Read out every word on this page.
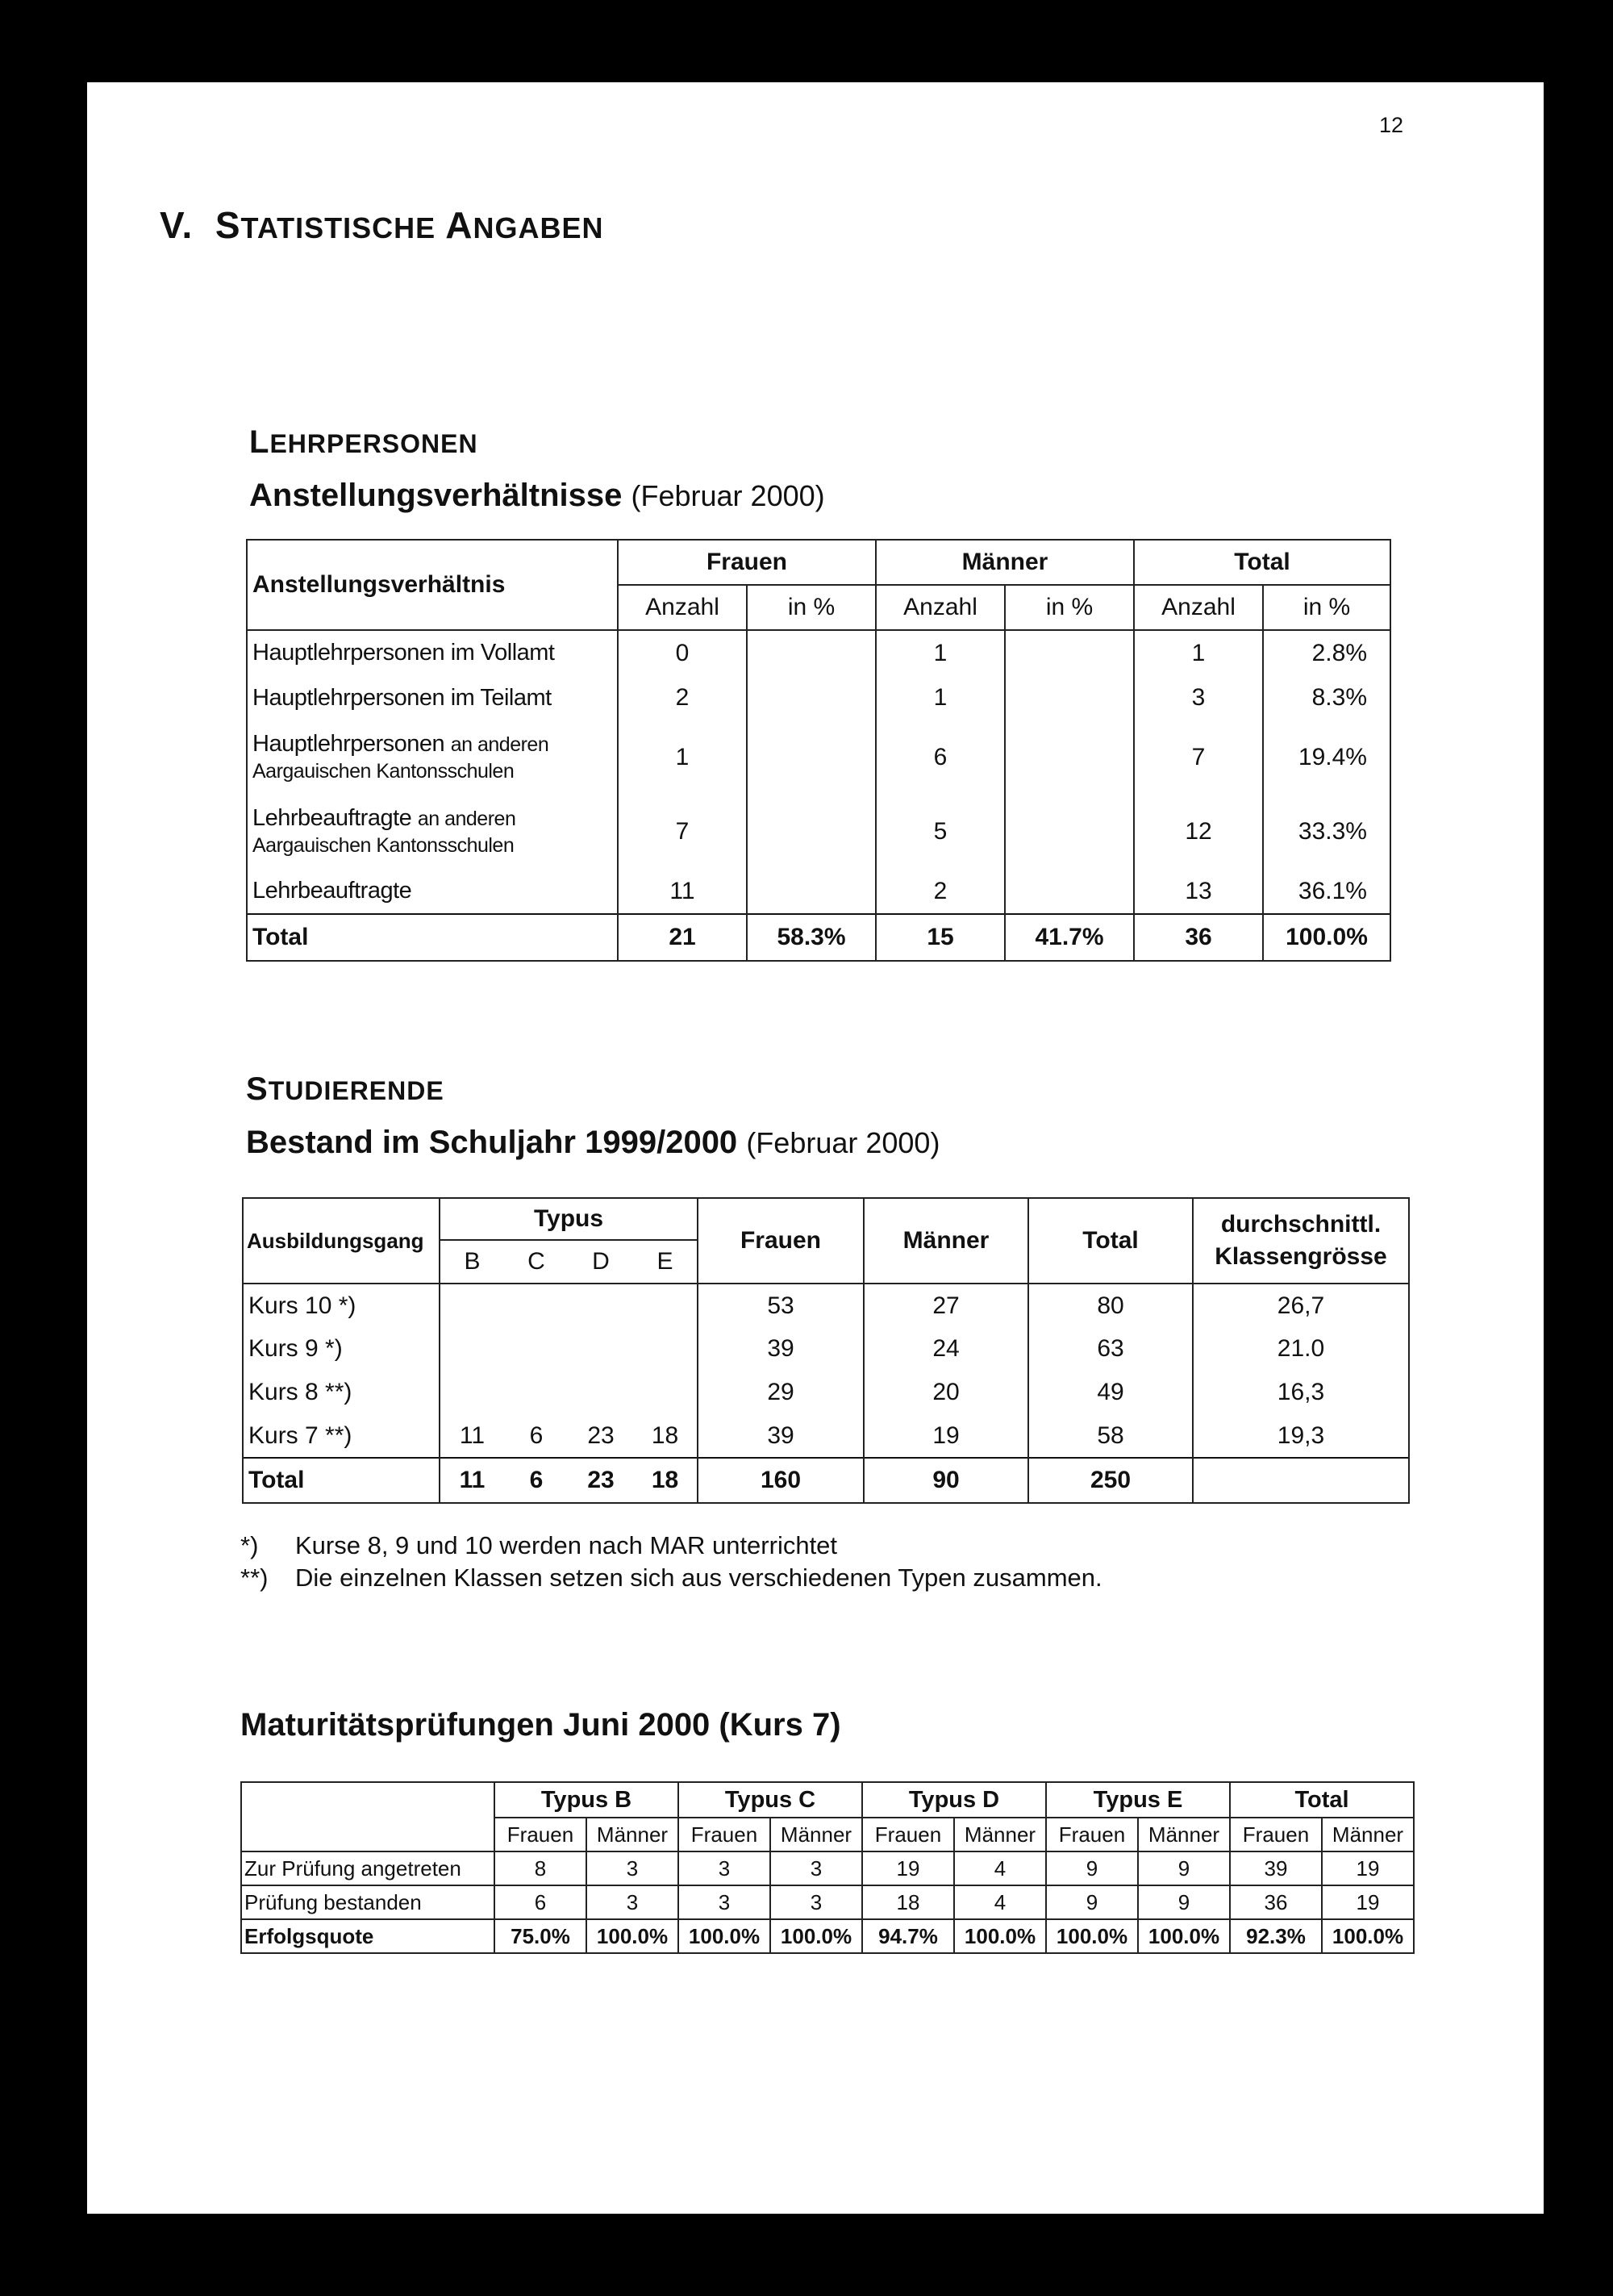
12
V. STATISTISCHE ANGABEN
LEHRPERSONEN
Anstellungsverhältnisse (Februar 2000)
Anstellungsverhältnis	Frauen		Männer		Total	
	Anzahl	in %	Anzahl	in %	Anzahl	in %
Hauptlehrpersonen im Vollamt	0		1		1	2.8%
Hauptlehrpersonen im Teilamt	2		1		3	8.3%
Hauptlehrpersonen an anderen
Aargauischen Kantonsschulen	1		6		7	19.4%
Lehrbeauftragte an anderen
Aargauischen Kantonsschulen	7		5		12	33.3%
Lehrbeauftragte	11		2		13	36.1%
Total	21	58.3%	15	41.7%	36	100.0%
STUDIERENDE
Bestand im Schuljahr 1999/2000 (Februar 2000)
Ausbildungsgang	Typus				Frauen	Männer	Total	durchschnittl.
Klassengrösse
	B	C	D	E				
Kurs 10 *)					53	27	80	26,7
Kurs 9 *)					39	24	63	21.0
Kurs 8 **)					29	20	49	16,3
Kurs 7 **)	11	6	23	18	39	19	58	19,3
Total	11	6	23	18	160	90	250	
*) Kurse 8, 9 und 10 werden nach MAR unterrichtet
**) Die einzelnen Klassen setzen sich aus verschiedenen Typen zusammen.
Maturitätsprüfungen Juni 2000 (Kurs 7)
	Typus B		Typus C		Typus D		Typus E		Total	
	Frauen	Männer	Frauen	Männer	Frauen	Männer	Frauen	Männer	Frauen	Männer
Zur Prüfung angetreten	8	3	3	3	19	4	9	9	39	19
Prüfung bestanden	6	3	3	3	18	4	9	9	36	19
Erfolgsquote	75.0%	100.0%	100.0%	100.0%	94.7%	100.0%	100.0%	100.0%	92.3%	100.0%
